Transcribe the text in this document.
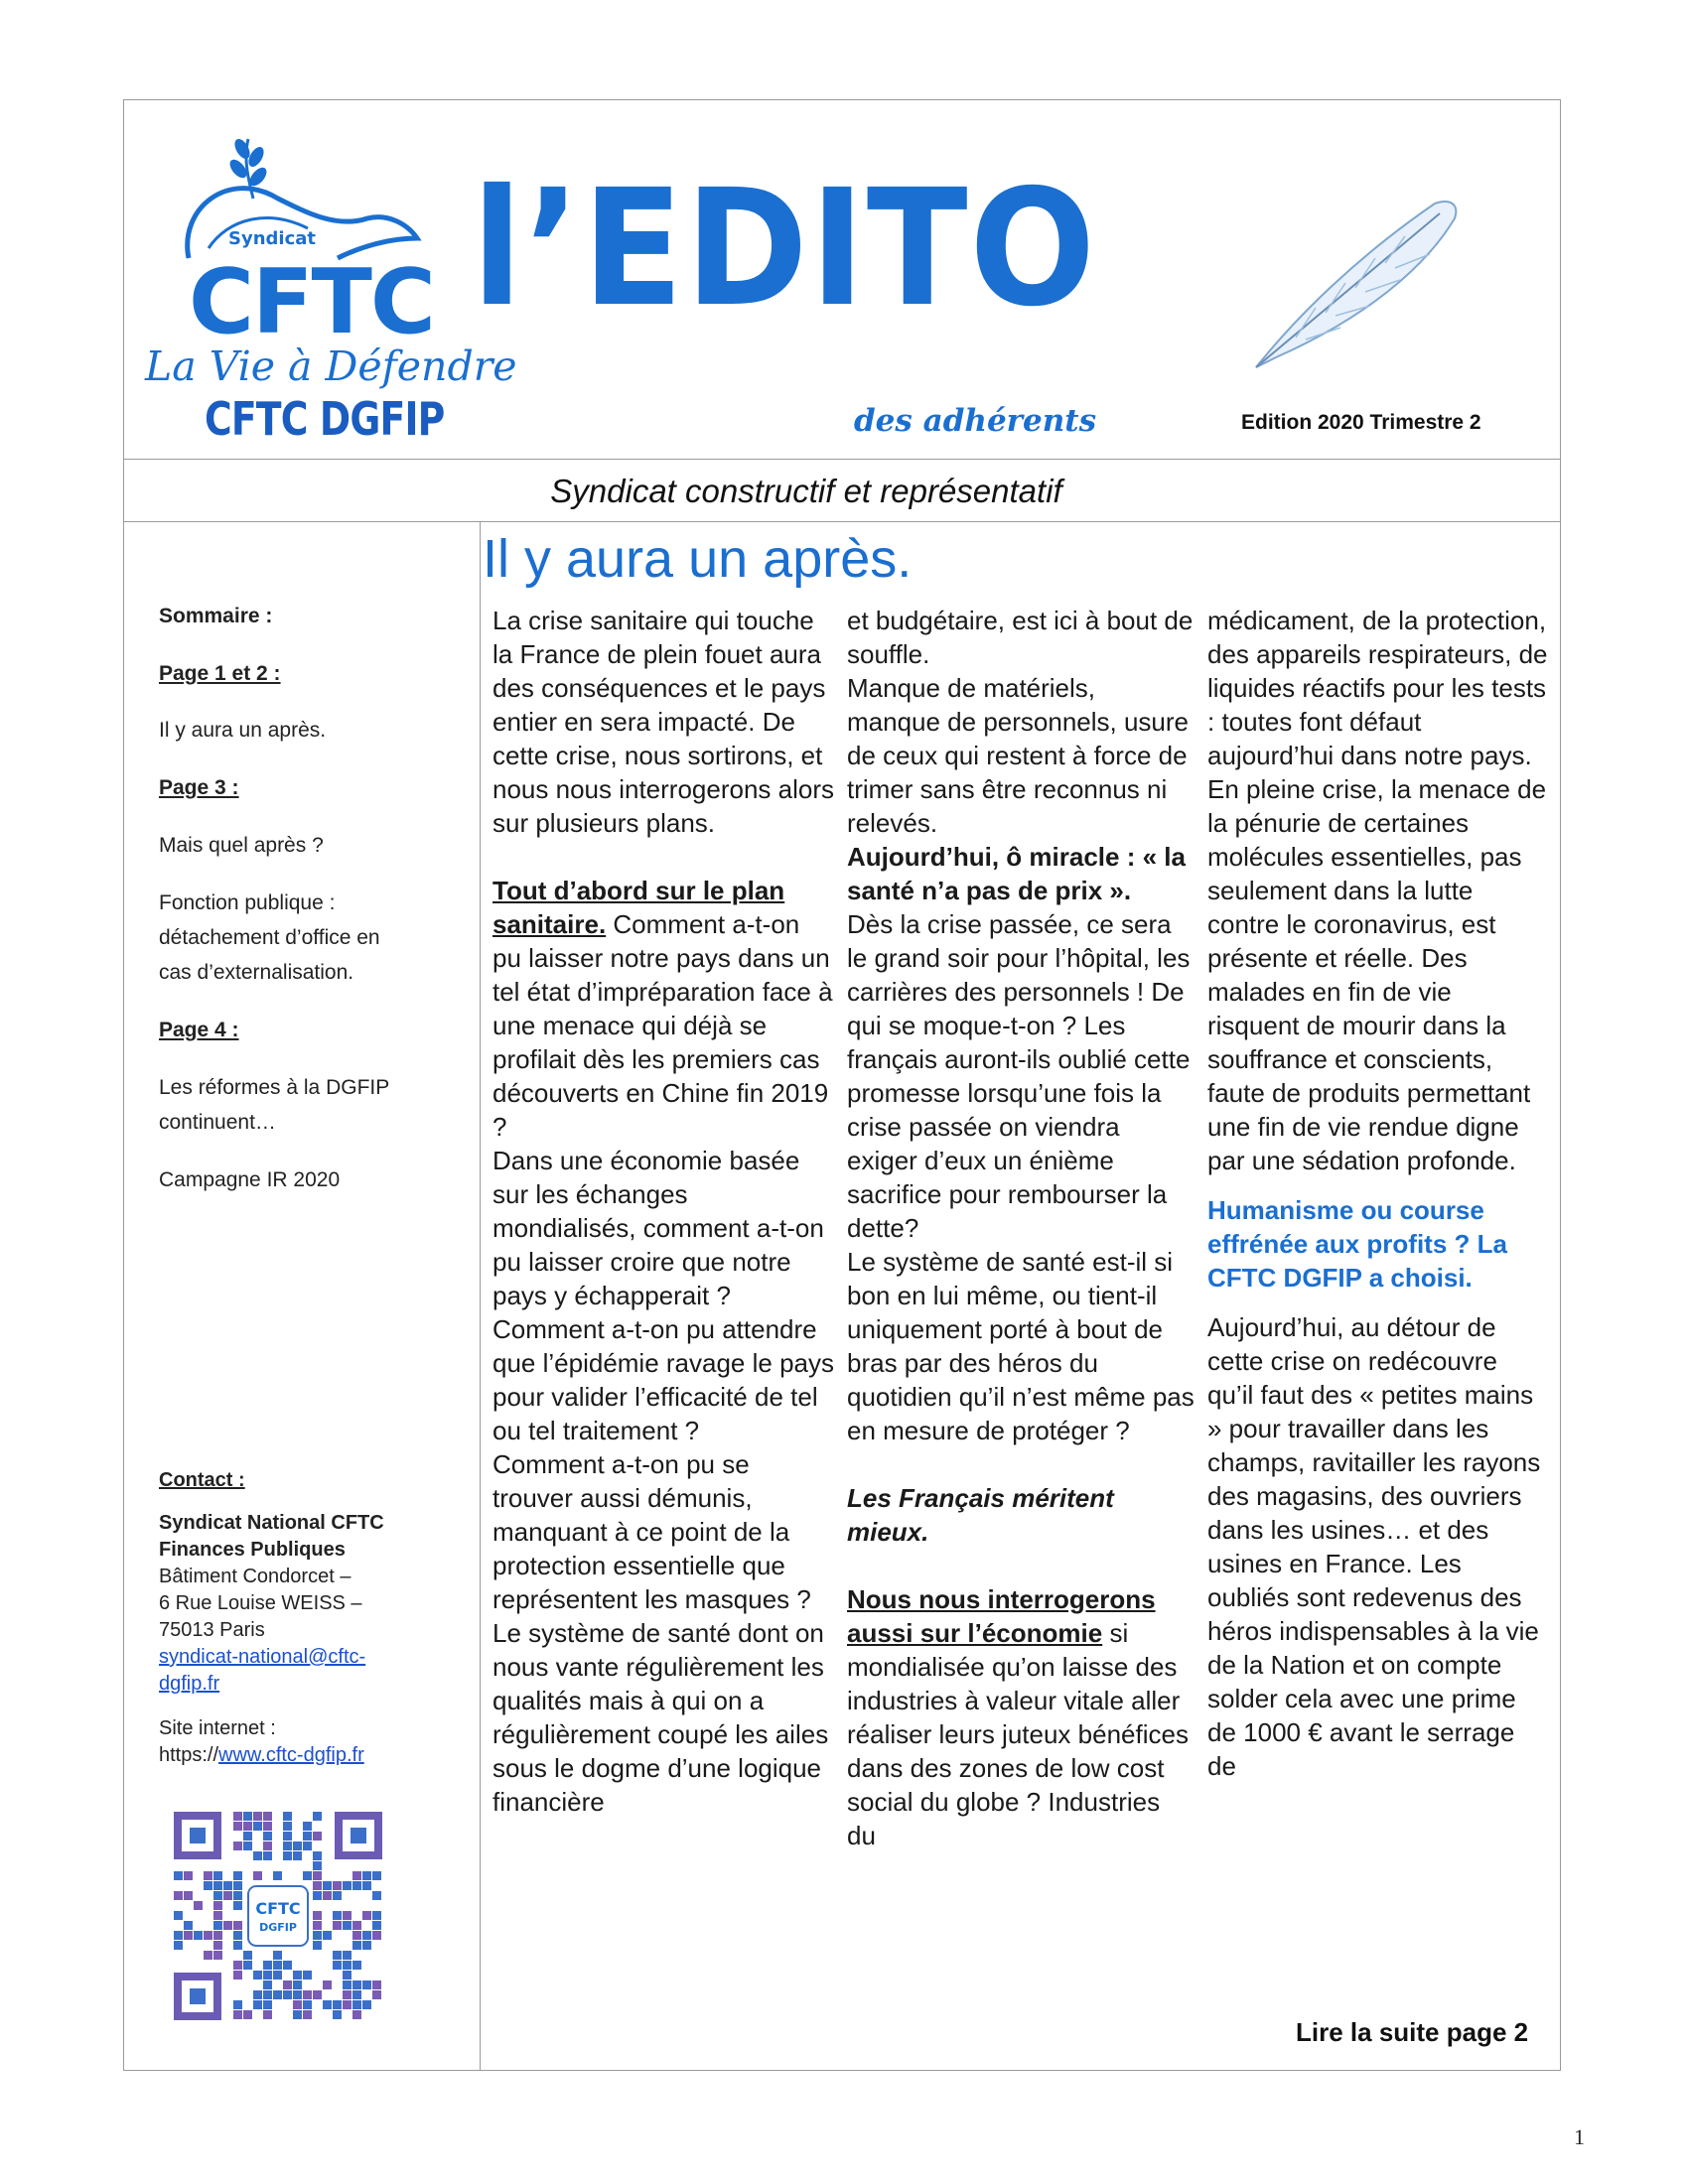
Syndicat
CFTC
La Vie à Défendre
CFTC DGFIP
l’EDITO
des adhérents	Edition 2020 Trimestre 2
Syndicat constructif et représentatif
Il y aura un après.
Sommaire :
Page 1 et 2 :
Il y aura un après.
Page 3 :
Mais quel après ?
Fonction publique :
détachement d’office en
cas d’externalisation.
Page 4 :
Les réformes à la DGFIP
continuent…
Campagne IR 2020
Contact :
Syndicat National CFTC
Finances Publiques
Bâtiment Condorcet –
6 Rue Louise WEISS –
75013 Paris
syndicat-national@cftc-
dgfip.fr
Site internet :
https://www.cftc-dgfip.fr
CFTC
DGFIP

La crise sanitaire qui touche la France de plein fouet aura des conséquences et le pays entier en sera impacté. De cette crise, nous sortirons, et nous nous interrogerons alors sur plusieurs plans.

Tout d’abord sur le plan sanitaire. Comment a-t-on pu laisser notre pays dans un tel état d’impréparation face à une menace qui déjà se profilait dès les premiers cas découverts en Chine fin 2019 ?

Dans une économie basée sur les échanges mondialisés, comment a-t-on pu laisser croire que notre pays y échapperait ?

Comment a-t-on pu attendre que l’épidémie ravage le pays pour valider l’efficacité de tel ou tel traitement ?

Comment a-t-on pu se trouver aussi démunis, manquant à ce point de la protection essentielle que représentent les masques ?

Le système de santé dont on nous vante régulièrement les qualités mais à qui on a régulièrement coupé les ailes sous le dogme d’une logique financière

et budgétaire, est ici à bout de souffle.

Manque de matériels, manque de personnels, usure de ceux qui restent à force de trimer sans être reconnus ni relevés.

Aujourd’hui, ô miracle : « la santé n’a pas de prix ».

Dès la crise passée, ce sera le grand soir pour l’hôpital, les carrières des personnels ! De qui se moque-t-on ? Les français auront-ils oublié cette promesse lorsqu’une fois la crise passée on viendra exiger d’eux un énième sacrifice pour rembourser la dette?

Le système de santé est-il si bon en lui même, ou tient-il uniquement porté à bout de bras par des héros du quotidien qu’il n’est même pas en mesure de protéger ?

Les Français méritent mieux.

Nous nous interrogerons aussi sur l’économie si mondialisée qu’on laisse des industries à valeur vitale aller réaliser leurs juteux bénéfices dans des zones de low cost social du globe ? Industries du

médicament, de la protection, des appareils respirateurs, de liquides réactifs pour les tests : toutes font défaut aujourd’hui dans notre pays. En pleine crise, la menace de la pénurie de certaines molécules essentielles, pas seulement dans la lutte contre le coronavirus, est présente et réelle. Des malades en fin de vie risquent de mourir dans la souffrance et conscients, faute de produits permettant une fin de vie rendue digne par une sédation profonde.

Humanisme ou course effrénée aux profits ? La CFTC DGFIP a choisi.

Aujourd’hui, au détour de cette crise on redécouvre qu’il faut des « petites mains » pour travailler dans les champs, ravitailler les rayons des magasins, des ouvriers dans les usines… et des usines en France. Les oubliés sont redevenus des héros indispensables à la vie de la Nation et on compte solder cela avec une prime de 1000 € avant le serrage de

Lire la suite page 2
1
